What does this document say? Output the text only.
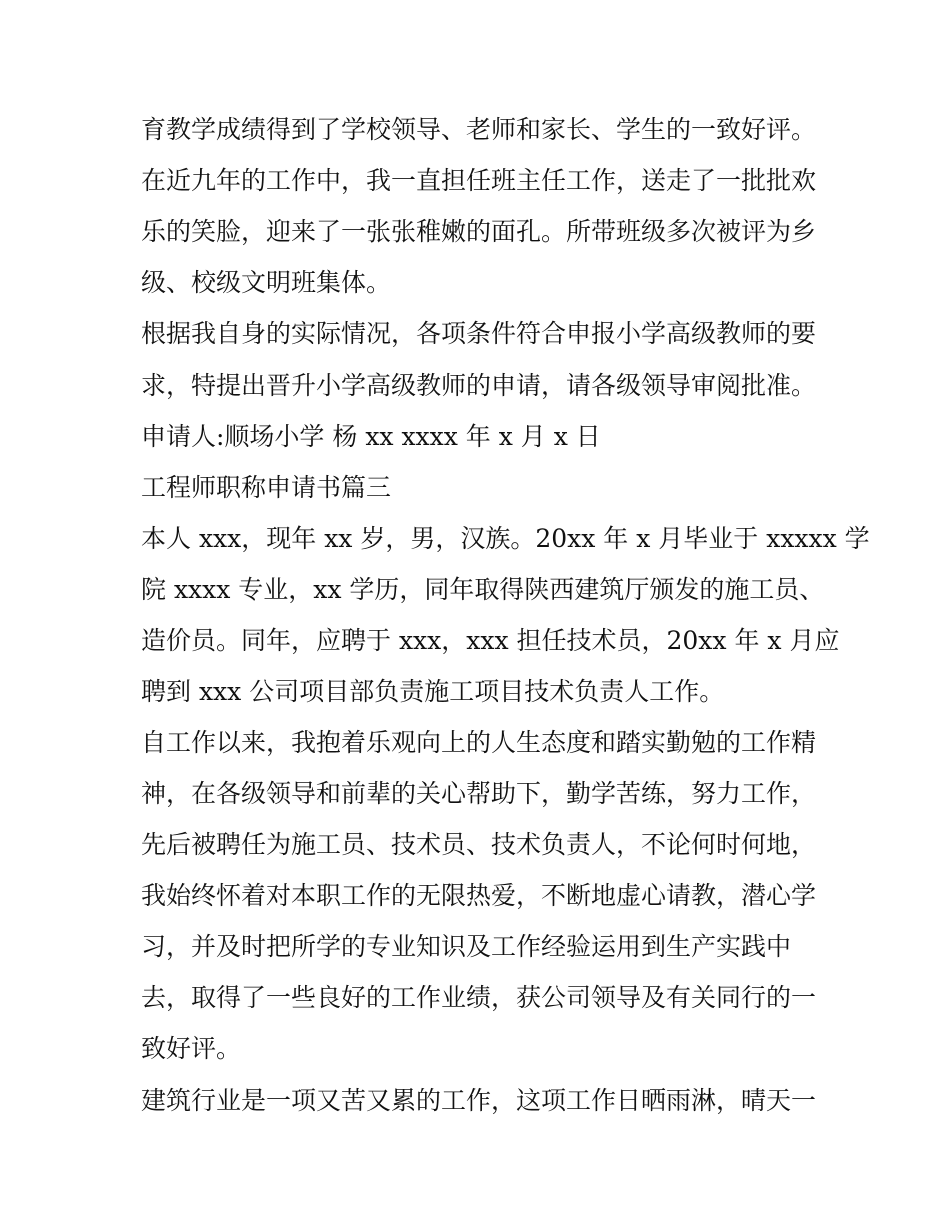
育教学成绩得到了学校领导、老师和家长、学生的一致好评。

在近九年的工作中，我一直担任班主任工作，送走了一批批欢

乐的笑脸，迎来了一张张稚嫩的面孔。所带班级多次被评为乡

级、校级文明班集体。

根据我自身的实际情况，各项条件符合申报小学高级教师的要

求，特提出晋升小学高级教师的申请，请各级领导审阅批准。

申请人:顺场小学 杨 xx xxxx 年 x 月 x 日

工程师职称申请书篇三

本人 xxx，现年 xx 岁，男，汉族。20xx 年 x 月毕业于 xxxxx 学

院 xxxx 专业，xx 学历，同年取得陕西建筑厅颁发的施工员、

造价员。同年，应聘于 xxx，xxx 担任技术员，20xx 年 x 月应

聘到 xxx 公司项目部负责施工项目技术负责人工作。

自工作以来，我抱着乐观向上的人生态度和踏实勤勉的工作精

神，在各级领导和前辈的关心帮助下，勤学苦练，努力工作，

先后被聘任为施工员、技术员、技术负责人，不论何时何地，

我始终怀着对本职工作的无限热爱，不断地虚心请教，潜心学

习，并及时把所学的专业知识及工作经验运用到生产实践中

去，取得了一些良好的工作业绩，获公司领导及有关同行的一

致好评。

建筑行业是一项又苦又累的工作，这项工作日晒雨淋，晴天一
